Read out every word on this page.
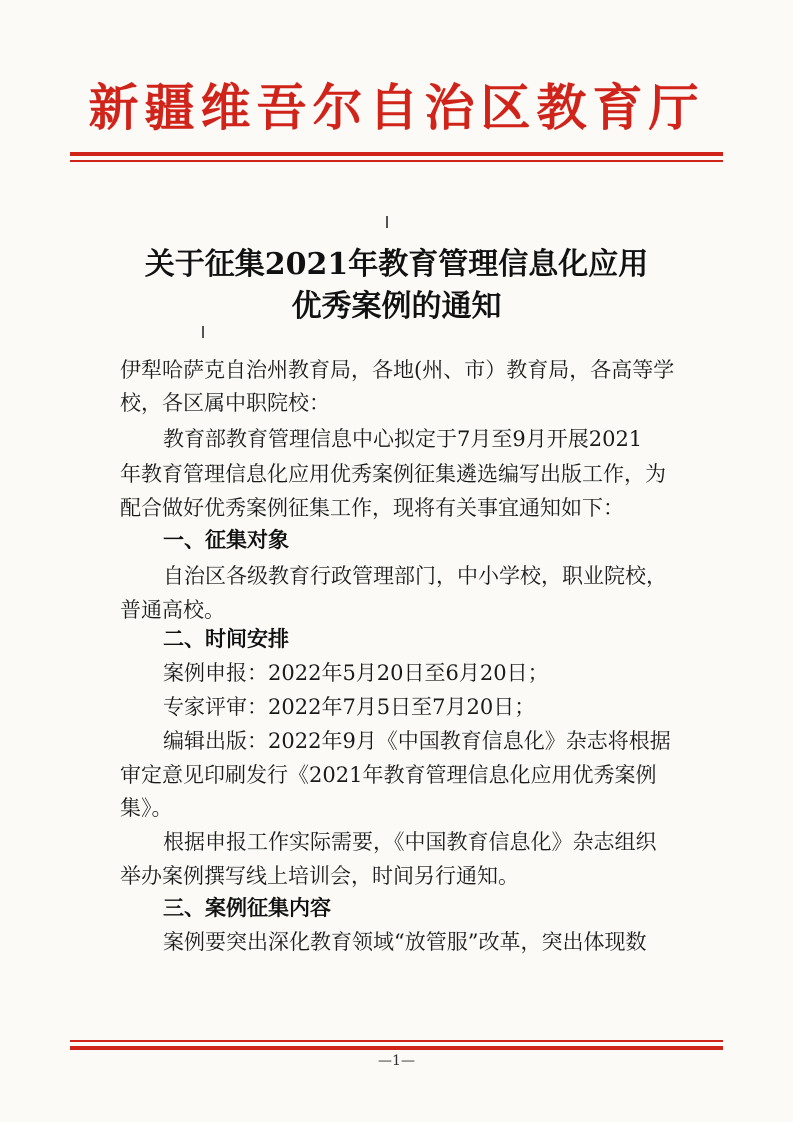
新疆维吾尔自治区教育厅
关于征集2021年教育管理信息化应用
优秀案例的通知
伊犁哈萨克自治州教育局，各地(州、市）教育局，各高等学
校，各区属中职院校：
教育部教育管理信息中心拟定于7月至9月开展2021
年教育管理信息化应用优秀案例征集遴选编写出版工作，为
配合做好优秀案例征集工作，现将有关事宜通知如下：
一、征集对象
自治区各级教育行政管理部门，中小学校，职业院校，
普通高校。
二、时间安排
案例申报：2022年5月20日至6月20日；
专家评审：2022年7月5日至7月20日；
编辑出版：2022年9月《中国教育信息化》杂志将根据
审定意见印刷发行《2021年教育管理信息化应用优秀案例
集》。
根据申报工作实际需要，《中国教育信息化》杂志组织
举办案例撰写线上培训会，时间另行通知。
三、案例征集内容
案例要突出深化教育领域“放管服”改革，突出体现数
—1—
